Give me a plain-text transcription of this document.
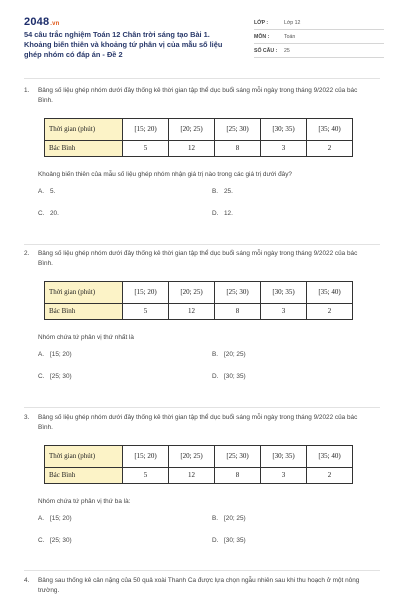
2048.vn
54 câu trắc nghiệm Toán 12 Chân trời sáng tạo Bài 1. Khoảng biến thiên và khoảng tứ phân vị của mẫu số liệu ghép nhóm có đáp án - Đề 2
LỚP :	Lớp 12
MÔN :	Toán
SỐ CÂU :	25
1.	Bảng số liệu ghép nhóm dưới đây thống kê thời gian tập thể dục buổi sáng mỗi ngày trong tháng 9/2022 của bác Bình.
Thời gian (phút)	[15; 20)	[20; 25)	[25; 30)	[30; 35)	[35; 40)
Bác Bình	5	12	8	3	2
Khoảng biến thiên của mẫu số liệu ghép nhóm nhận giá trị nào trong các giá trị dưới đây?
A. 5.	B. 25.
C. 20.	D. 12.
2.	Bảng số liệu ghép nhóm dưới đây thống kê thời gian tập thể dục buổi sáng mỗi ngày trong tháng 9/2022 của bác Bình.
Thời gian (phút)	[15; 20)	[20; 25)	[25; 30)	[30; 35)	[35; 40)
Bác Bình	5	12	8	3	2
Nhóm chứa tứ phân vị thứ nhất là
A. [15; 20)	B. [20; 25)
C. [25; 30)	D. [30; 35)
3.	Bảng số liệu ghép nhóm dưới đây thống kê thời gian tập thể dục buổi sáng mỗi ngày trong tháng 9/2022 của bác Bình.
Thời gian (phút)	[15; 20)	[20; 25)	[25; 30)	[30; 35)	[35; 40)
Bác Bình	5	12	8	3	2
Nhóm chứa tứ phân vị thứ ba là:
A. [15; 20)	B. [20; 25)
C. [25; 30)	D. [30; 35)
4.	Bảng sau thống kê cân nặng của 50 quả xoài Thanh Ca được lựa chọn ngẫu nhiên sau khi thu hoạch ở một nông trường.
